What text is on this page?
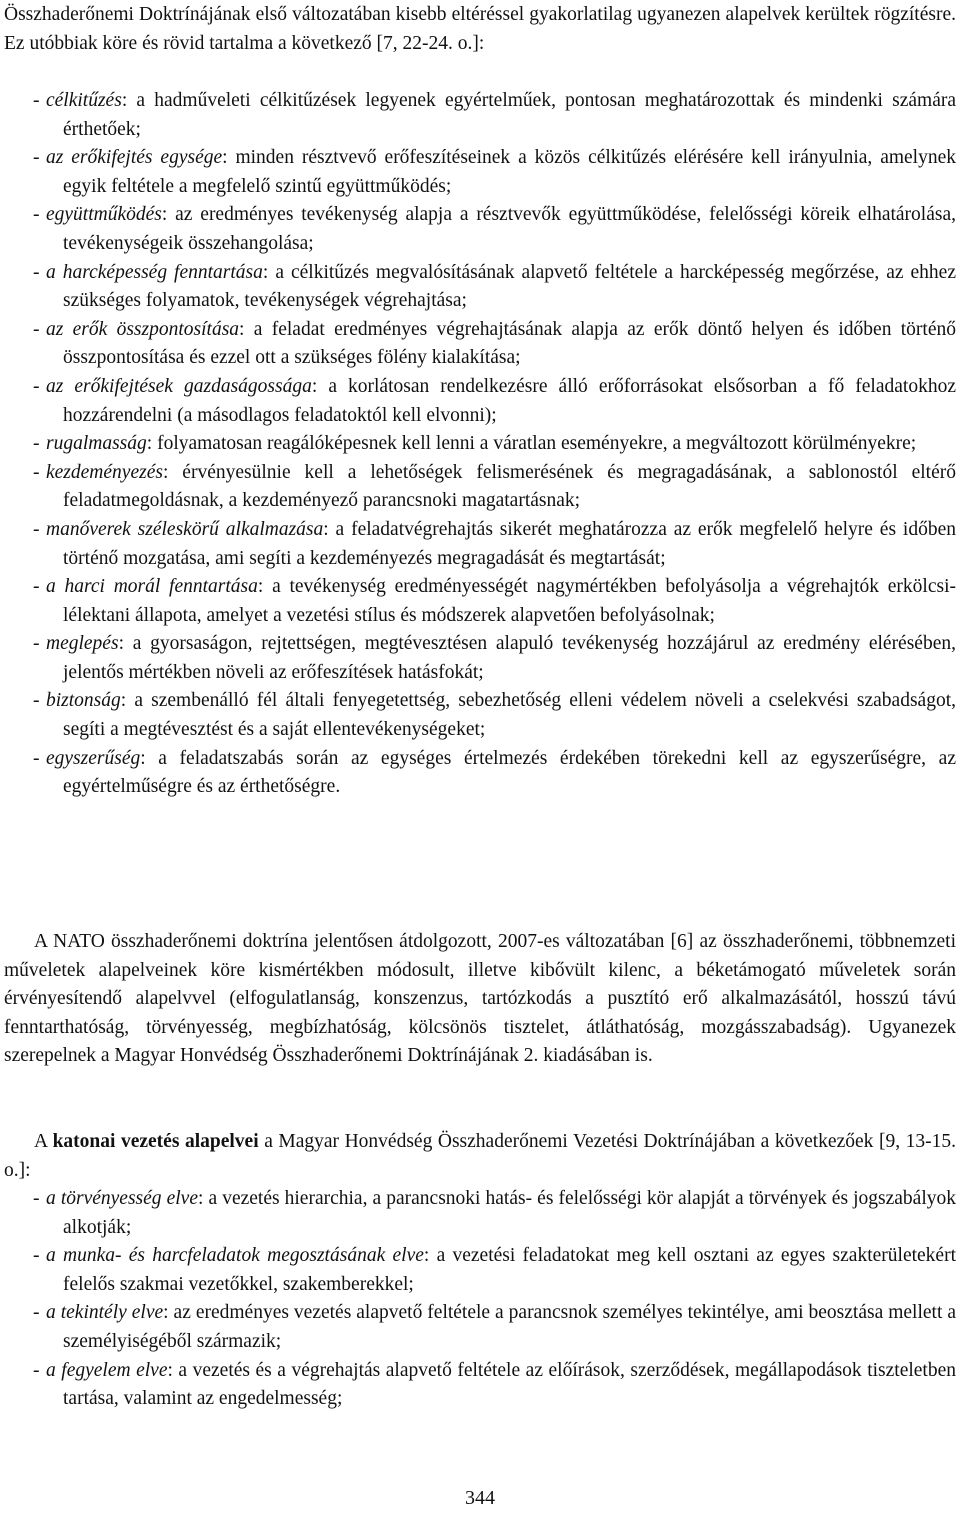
Összhaderőnemi Doktrínájának első változatában kisebb eltéréssel gyakorlatilag ugyanezen alapelvek kerültek rögzítésre. Ez utóbbiak köre és rövid tartalma a következő [7, 22-24. o.]:

- célkitűzés: a hadműveleti célkitűzések legyenek egyértelműek, pontosan meghatározottak és mindenki számára érthetőek;
- az erőkifejtés egysége: minden résztvevő erőfeszítéseinek a közös célkitűzés elérésére kell irányulnia, amelynek egyik feltétele a megfelelő szintű együttműködés;
- együttműködés: az eredményes tevékenység alapja a résztvevők együttműködése, felelősségi köreik elhatárolása, tevékenységeik összehangolása;
- a harcképesség fenntartása: a célkitűzés megvalósításának alapvető feltétele a harcképesség megőrzése, az ehhez szükséges folyamatok, tevékenységek végrehajtása;
- az erők összpontosítása: a feladat eredményes végrehajtásának alapja az erők döntő helyen és időben történő összpontosítása és ezzel ott a szükséges fölény kialakítása;
- az erőkifejtések gazdaságossága: a korlátosan rendelkezésre álló erőforrásokat elsősorban a fő feladatokhoz hozzárendelni (a másodlagos feladatoktól kell elvonni);
- rugalmasság: folyamatosan reagálóképesnek kell lenni a váratlan eseményekre, a megváltozott körülményekre;
- kezdeményezés: érvényesülnie kell a lehetőségek felismerésének és megragadásának, a sablonostól eltérő feladatmegoldásnak, a kezdeményező parancsnoki magatartásnak;
- manőverek széleskörű alkalmazása: a feladatvégrehajtás sikerét meghatározza az erők megfelelő helyre és időben történő mozgatása, ami segíti a kezdeményezés megragadását és megtartását;
- a harci morál fenntartása: a tevékenység eredményességét nagymértékben befolyásolja a végrehajtók erkölcsi-lélektani állapota, amelyet a vezetési stílus és módszerek alapvetően befolyásolnak;
- meglepés: a gyorsaságon, rejtettségen, megtévesztésen alapuló tevékenység hozzájárul az eredmény elérésében, jelentős mértékben növeli az erőfeszítések hatásfokát;
- biztonság: a szembenálló fél általi fenyegetettség, sebezhetőség elleni védelem növeli a cselekvési szabadságot, segíti a megtévesztést és a saját ellentevékenységeket;
- egyszerűség: a feladatszabás során az egységes értelmezés érdekében törekedni kell az egyszerűségre, az egyértelműségre és az érthetőségre.

A NATO összhaderőnemi doktrína jelentősen átdolgozott, 2007-es változatában [6] az összhaderőnemi, többnemzeti műveletek alapelveinek köre kismértékben módosult, illetve kibővült kilenc, a béketámogató műveletek során érvényesítendő alapelvvel (elfogulatlanság, konszenzus, tartózkodás a pusztító erő alkalmazásától, hosszú távú fenntarthatóság, törvényesség, megbízhatóság, kölcsönös tisztelet, átláthatóság, mozgásszabadság). Ugyanezek szerepelnek a Magyar Honvédség Összhaderőnemi Doktrínájának 2. kiadásában is.

A katonai vezetés alapelvei a Magyar Honvédség Összhaderőnemi Vezetési Doktrínájában a következőek [9, 13-15. o.]:

- a törvényesség elve: a vezetés hierarchia, a parancsnoki hatás- és felelősségi kör alapját a törvények és jogszabályok alkotják;
- a munka- és harcfeladatok megosztásának elve: a vezetési feladatokat meg kell osztani az egyes szakterületekért felelős szakmai vezetőkkel, szakemberekkel;
- a tekintély elve: az eredményes vezetés alapvető feltétele a parancsnok személyes tekintélye, ami beosztása mellett a személyiségéből származik;
- a fegyelem elve: a vezetés és a végrehajtás alapvető feltétele az előírások, szerződések, megállapodások tiszteletben tartása, valamint az engedelmesség;
344
